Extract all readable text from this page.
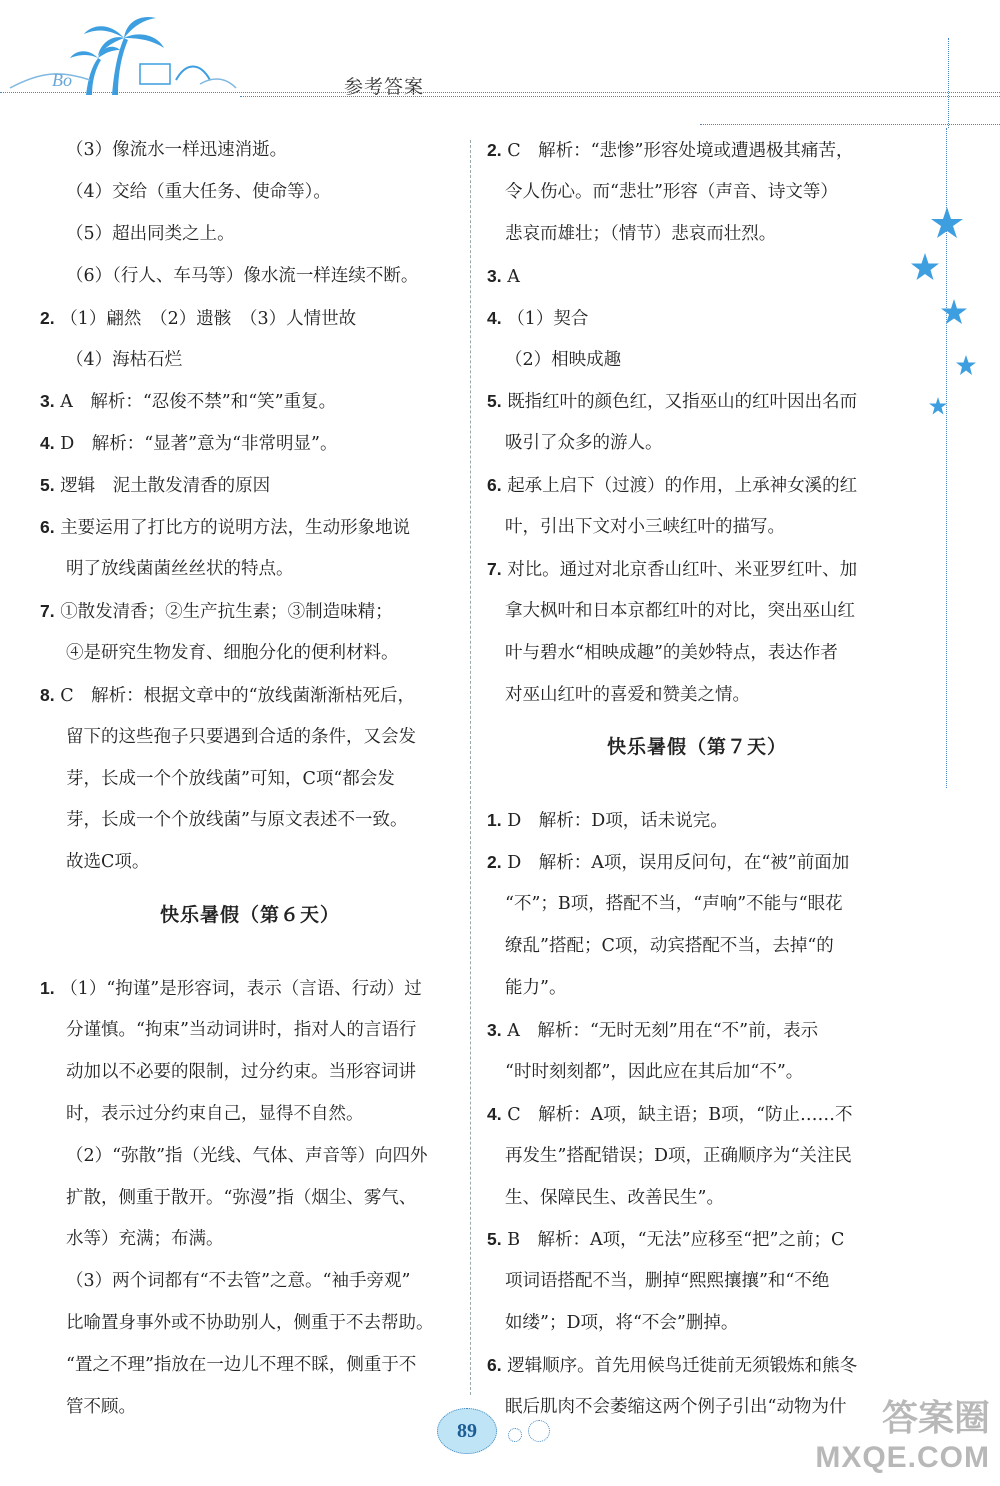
Bo	参考答案
（3）像流水一样迅速消逝。
（4）交给（重大任务、使命等）。
（5）超出同类之上。
（6）（行人、车马等）像水流一样连续不断。
2. （1）翩然　（2）遗骸　（3）人情世故
（4）海枯石烂
3. A　解析：“忍俊不禁”和“笑”重复。
4. D　解析：“显著”意为“非常明显”。
5. 逻辑　泥土散发清香的原因
6. 主要运用了打比方的说明方法，生动形象地说
明了放线菌菌丝丝状的特点。
7. ①散发清香；②生产抗生素；③制造味精；
④是研究生物发育、细胞分化的便利材料。
8. C　解析：根据文章中的“放线菌渐渐枯死后，
留下的这些孢子只要遇到合适的条件，又会发
芽，长成一个个放线菌”可知，C项“都会发
芽，长成一个个放线菌”与原文表述不一致。
故选C项。
1. （1）“拘谨”是形容词，表示（言语、行动）过
分谨慎。“拘束”当动词讲时，指对人的言语行
动加以不必要的限制，过分约束。当形容词讲
时，表示过分约束自己，显得不自然。
（2）“弥散”指（光线、气体、声音等）向四外
扩散，侧重于散开。“弥漫”指（烟尘、雾气、
水等）充满；布满。
（3）两个词都有“不去管”之意。“袖手旁观”
比喻置身事外或不协助别人，侧重于不去帮助。
“置之不理”指放在一边儿不理不睬，侧重于不
管不顾。
快乐暑假（第６天）
2. C　解析：“悲惨”形容处境或遭遇极其痛苦，
令人伤心。而“悲壮”形容（声音、诗文等）
悲哀而雄壮；（情节）悲哀而壮烈。
3. A
4. （1）契合
（2）相映成趣
5. 既指红叶的颜色红，又指巫山的红叶因出名而
吸引了众多的游人。
6. 起承上启下（过渡）的作用，上承神女溪的红
叶，引出下文对小三峡红叶的描写。
7. 对比。通过对北京香山红叶、米亚罗红叶、加
拿大枫叶和日本京都红叶的对比，突出巫山红
叶与碧水“相映成趣”的美妙特点，表达作者
对巫山红叶的喜爱和赞美之情。
1. D　解析：D项，话未说完。
2. D　解析：A项，误用反问句，在“被”前面加
“不”；B项，搭配不当，“声响”不能与“眼花
缭乱”搭配；C项，动宾搭配不当，去掉“的
能力”。
3. A　解析：“无时无刻”用在“不”前，表示
“时时刻刻都”，因此应在其后加“不”。
4. C　解析：A项，缺主语；B项，“防止……不
再发生”搭配错误；D项，正确顺序为“关注民
生、保障民生、改善民生”。
5. B　解析：A项，“无法”应移至“把”之前；C
项词语搭配不当，删掉“熙熙攘攘”和“不绝
如缕”；D项，将“不会”删掉。
6. 逻辑顺序。首先用候鸟迁徙前无须锻炼和熊冬
眠后肌肉不会萎缩这两个例子引出“动物为什
快乐暑假（第７天）
89	答案圈
MXQE.COM
